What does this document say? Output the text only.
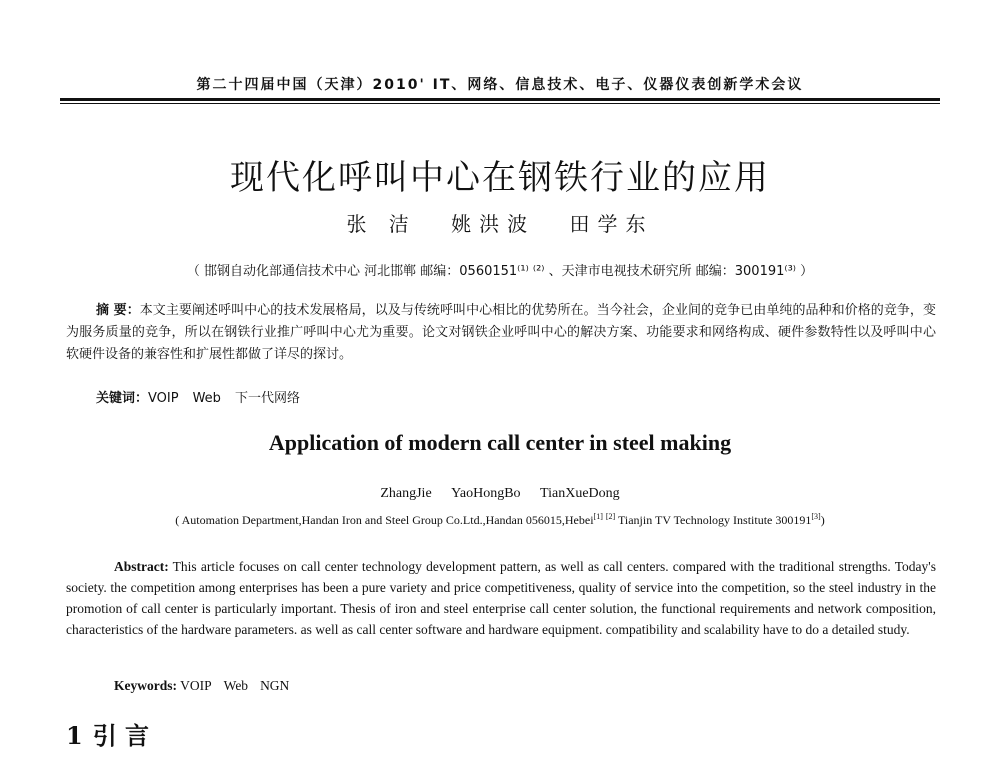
第二十四届中国（天津）2010' IT、网络、信息技术、电子、仪器仪表创新学术会议
现代化呼叫中心在钢铁行业的应用
张 洁 姚洪波 田学东
（ 邯钢自动化部通信技术中心 河北邯郸 邮编：0560151⁽¹⁾ ⁽²⁾ 、天津市电视技术研究所 邮编：300191⁽³⁾ ）
摘 要：本文主要阐述呼叫中心的技术发展格局，以及与传统呼叫中心相比的优势所在。当今社会，企业间的竞争已由单纯的品种和价格的竞争，变为服务质量的竞争，所以在钢铁行业推广呼叫中心尤为重要。论文对钢铁企业呼叫中心的解决方案、功能要求和网络构成、硬件参数特性以及呼叫中心软硬件设备的兼容性和扩展性都做了详尽的探讨。
关键词：VOIP Web 下一代网络
Application of modern call center in steel making
ZhangJie YaoHongBo TianXueDong
( Automation Department,Handan Iron and Steel Group Co.Ltd.,Handan 056015,Hebei[1] [2] Tianjin TV Technology Institute 300191[3])
Abstract: This article focuses on call center technology development pattern, as well as call centers. compared with the traditional strengths. Today's society. the competition among enterprises has been a pure variety and price competitiveness, quality of service into the competition, so the steel industry in the promotion of call center is particularly important. Thesis of iron and steel enterprise call center solution, the functional requirements and network composition, characteristics of the hardware parameters. as well as call center software and hardware equipment. compatibility and scalability have to do a detailed study.
Keywords: VOIP Web NGN
1 引 言
